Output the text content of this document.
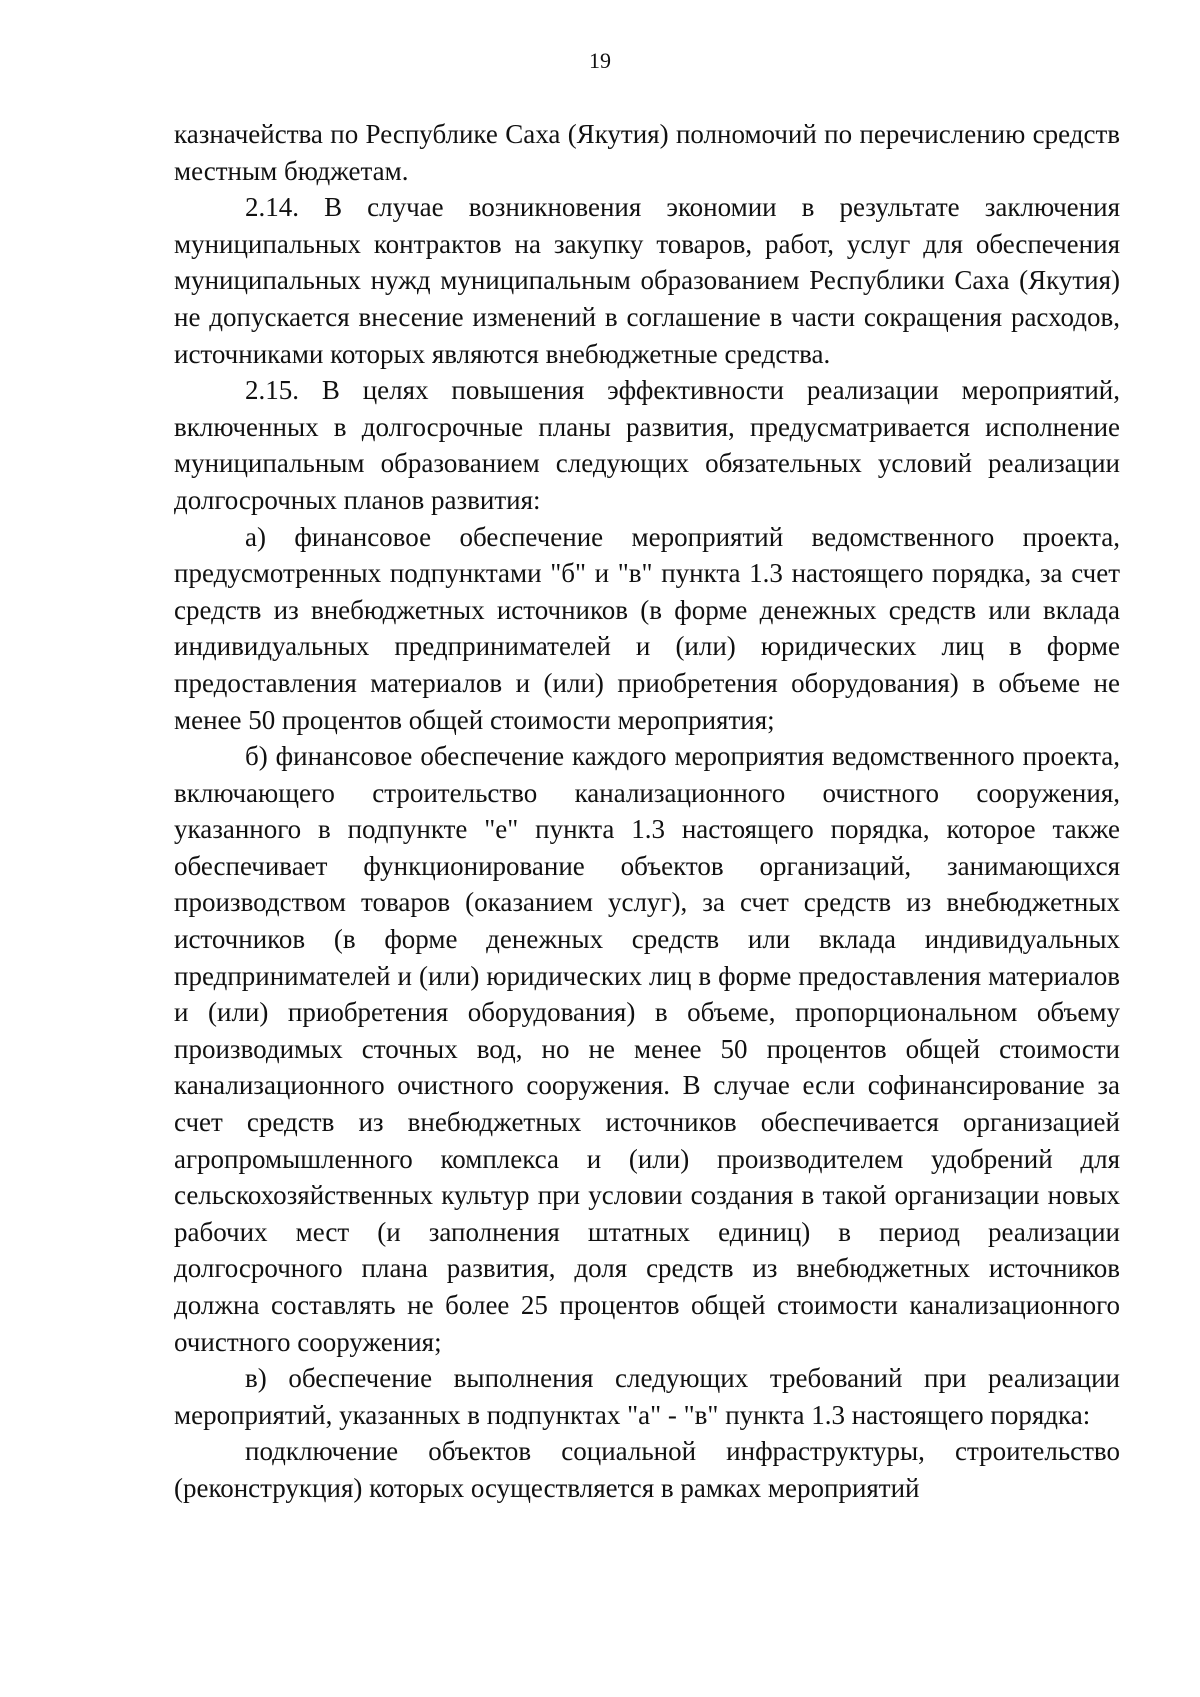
19

казначейства по Республике Саха (Якутия) полномочий по перечислению средств местным бюджетам.

2.14. В случае возникновения экономии в результате заключения муниципальных контрактов на закупку товаров, работ, услуг для обеспечения муниципальных нужд муниципальным образованием Республики Саха (Якутия) не допускается внесение изменений в соглашение в части сокращения расходов, источниками которых являются внебюджетные средства.

2.15. В целях повышения эффективности реализации мероприятий, включенных в долгосрочные планы развития, предусматривается исполнение муниципальным образованием следующих обязательных условий реализации долгосрочных планов развития:

а) финансовое обеспечение мероприятий ведомственного проекта, предусмотренных подпунктами "б" и "в" пункта 1.3 настоящего порядка, за счет средств из внебюджетных источников (в форме денежных средств или вклада индивидуальных предпринимателей и (или) юридических лиц в форме предоставления материалов и (или) приобретения оборудования) в объеме не менее 50 процентов общей стоимости мероприятия;

б) финансовое обеспечение каждого мероприятия ведомственного проекта, включающего строительство канализационного очистного сооружения, указанного в подпункте "е" пункта 1.3 настоящего порядка, которое также обеспечивает функционирование объектов организаций, занимающихся производством товаров (оказанием услуг), за счет средств из внебюджетных источников (в форме денежных средств или вклада индивидуальных предпринимателей и (или) юридических лиц в форме предоставления материалов и (или) приобретения оборудования) в объеме, пропорциональном объему производимых сточных вод, но не менее 50 процентов общей стоимости канализационного очистного сооружения. В случае если софинансирование за счет средств из внебюджетных источников обеспечивается организацией агропромышленного комплекса и (или) производителем удобрений для сельскохозяйственных культур при условии создания в такой организации новых рабочих мест (и заполнения штатных единиц) в период реализации долгосрочного плана развития, доля средств из внебюджетных источников должна составлять не более 25 процентов общей стоимости канализационного очистного сооружения;

в) обеспечение выполнения следующих требований при реализации мероприятий, указанных в подпунктах "а" - "в" пункта 1.3 настоящего порядка:

подключение объектов социальной инфраструктуры, строительство (реконструкция) которых осуществляется в рамках мероприятий
